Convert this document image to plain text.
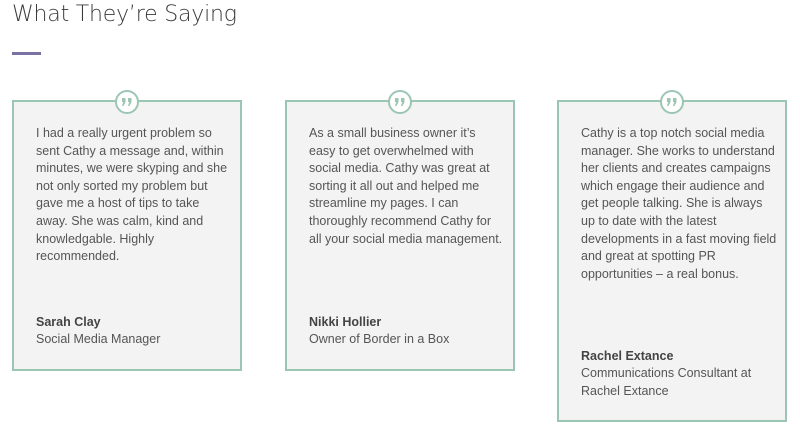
What They’re Saying

I had a really urgent problem so sent Cathy a message and, within minutes, we were skyping and she not only sorted my problem but gave me a host of tips to take away. She was calm, kind and knowledgable. Highly recommended.

Sarah Clay

Social Media Manager

As a small business owner it’s easy to get overwhelmed with social media. Cathy was great at sorting it all out and helped me streamline my pages. I can thoroughly recommend Cathy for all your social media management.

Nikki Hollier

Owner of Border in a Box

Cathy is a top notch social media manager. She works to understand her clients and creates campaigns which engage their audience and get people talking. She is always up to date with the latest developments in a fast moving field and great at spotting PR opportunities – a real bonus.

Rachel Extance

Communications Consultant at Rachel Extance
